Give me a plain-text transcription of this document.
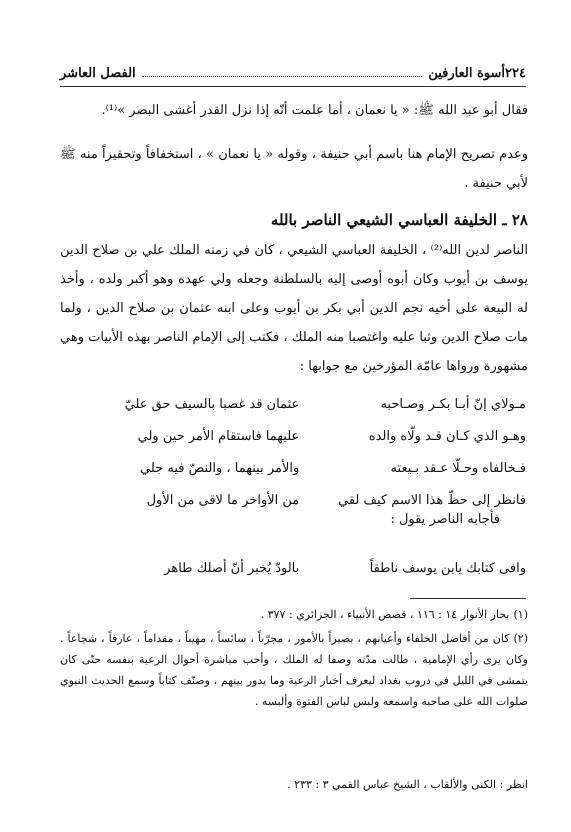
٢٢٤
أسوة العارفين
الفصل العاشر
فقال أبو عبد الله ﷺ: « يا نعمان ، أما علمت أنّه إذا نزل القدر أغشى البصر »⁽¹⁾.
وعدم تصريح الإمام هنا باسم أبي حنيفة ، وقوله « يا نعمان » ، استخفافاً وتحقيراً منه ﷺ لأبي حنيفة .
٢٨ ـ الخليفة العباسي الشيعي الناصر بالله
الناصر لدين الله⁽²⁾ ، الخليفة العباسي الشيعي ، كان في زمنه الملك علي بن صلاح الدين يوسف بن أيوب وكان أبوه أوصى إليه بالسلطنة وجعله ولي عهده وهو أكبر ولده ، وأخذ له البيعة على أخيه نجم الدين أبي بكر بن أيوب وعلى ابنه عثمان بن صلاح الدين ، ولما مات صلاح الدين وثبا عليه واغتصبا منه الملك ، فكتب إلى الإمام الناصر بهذه الأبيات وهي مشهورة ورواها عامّة المؤرخين مع جوابها :
مـولاي إنّ أبـا بكـر وصـاحبه
عثمان قد غصبا بالسيف حق عليّ
وهـو الذي كـان قـد ولّاه والده
عليهما فاستقام الأمر حين ولي
فـخالفاه وحـلّا عـقد بـيعته
والأمر بينهما ، والنصّ فيه جلي
فانظر إلى حظّ هذا الاسم كيف لقي
من الأواخر ما لاقى من الأول
فأجابه الناصر يقول :
وافى كتابك يابن يوسف ناطقاً
بالودّ يُخبر أنّ أصلك طاهر
(١)بحار الأنوار ١٤ : ١١٦ ، قصص الأنبياء ، الجزائري : ٣٧٧ .
(٢)كان من أفاضل الخلفاء وأعيانهم ، بصيراً بالأمور ، مجرّباً ، سائساً ، مهيباً ، مقداماً ، عارفاً ، شجاعاً . وكان يرى رأي الإمامية ، طالت مدّته وصفا له الملك ، وأحب مباشرة أحوال الرعية بنفسه حتّى كان يتمشى في الليل في دروب بغداد ليعرف أخبار الرعية وما يدور بينهم ، وصنّف كتاباً وسمع الحديث النبوي صلوات الله على صاحبه واسمعه ولبس لباس الفتوة وألبسه .
انظر : الكنى والألقاب ، الشيخ عباس القمي ٣ : ٢٣٣ .
